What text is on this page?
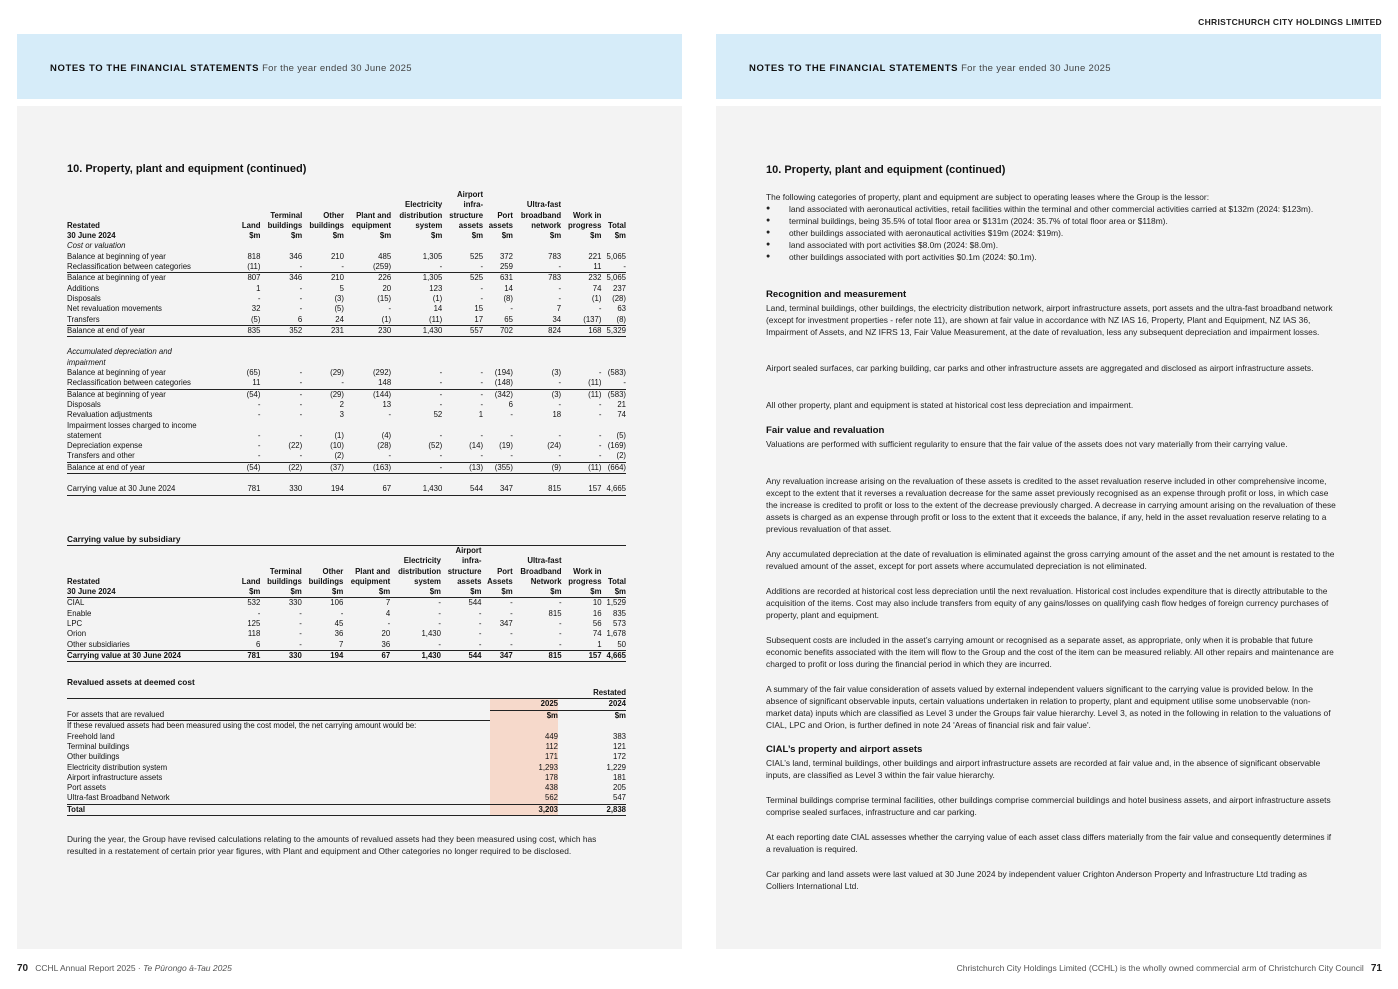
CHRISTCHURCH CITY HOLDINGS LIMITED
NOTES TO THE FINANCIAL STATEMENTS For the year ended 30 June 2025	NOTES TO THE FINANCIAL STATEMENTS For the year ended 30 June 2025
10. Property, plant and equipment (continued)
						Airport				
					Electricity	infra-		Ultra-fast		
		Terminal	Other	Plant and	distribution	structure	Port	broadband	Work in	
Restated	Land	buildings	buildings	equipment	system	assets	assets	network	progress	Total
30 June 2024	$m	$m	$m	$m	$m	$m	$m	$m	$m	$m
Cost or valuation										
Balance at beginning of year	818	346	210	485	1,305	525	372	783	221	5,065
Reclassification between categories	(11)	-	-	(259)	-	-	259	-	11	-
Balance at beginning of year	807	346	210	226	1,305	525	631	783	232	5,065
Additions	1	-	5	20	123	-	14	-	74	237
Disposals	-	-	(3)	(15)	(1)	-	(8)	-	(1)	(28)
Net revaluation movements	32	-	(5)	-	14	15	-	7	-	63
Transfers	(5)	6	24	(1)	(11)	17	65	34	(137)	(8)
Balance at end of year	835	352	231	230	1,430	557	702	824	168	5,329

Accumulated depreciation and										
impairment										
Balance at beginning of year	(65)	-	(29)	(292)	-	-	(194)	(3)	-	(583)
Reclassification between categories	11	-	-	148	-	-	(148)	-	(11)	-
Balance at beginning of year	(54)	-	(29)	(144)	-	-	(342)	(3)	(11)	(583)
Disposals	-	-	2	13	-	-	6	-	-	21
Revaluation adjustments	-	-	3	-	52	1	-	18	-	74
Impairment losses charged to income										
statement	-	-	(1)	(4)	-	-	-	-	-	(5)
Depreciation expense	-	(22)	(10)	(28)	(52)	(14)	(19)	(24)	-	(169)
Transfers and other	-	-	(2)	-	-	-	-	-	-	(2)
Balance at end of year	(54)	(22)	(37)	(163)	-	(13)	(355)	(9)	(11)	(664)

Carrying value at 30 June 2024	781	330	194	67	1,430	544	347	815	157	4,665
Carrying value by subsidiary
						Airport				
					Electricity	infra-		Ultra-fast		
		Terminal	Other	Plant and	distribution	structure	Port	Broadband	Work in	
Restated	Land	buildings	buildings	equipment	system	assets	Assets	Network	progress	Total
30 June 2024	$m	$m	$m	$m	$m	$m	$m	$m	$m	$m
CIAL	532	330	106	7	-	544	-	-	10	1,529
Enable	-	-	-	4	-	-	-	815	16	835
LPC	125	-	45	-	-	-	347	-	56	573
Orion	118	-	36	20	1,430	-	-	-	74	1,678
Other subsidiaries	6	-	7	36	-	-	-	-	1	50
Carrying value at 30 June 2024	781	330	194	67	1,430	544	347	815	157	4,665
Revalued assets at deemed cost
		Restated
	2025	2024
For assets that are revalued	$m	$m
If these revalued assets had been measured using the cost model, the net carrying amount would be:		
Freehold land	449	383
Terminal buildings	112	121
Other buildings	171	172
Electricity distribution system	1,293	1,229
Airport infrastructure assets	178	181
Port assets	438	205
Ultra-fast Broadband Network	562	547
Total	3,203	2,838
During the year, the Group have revised calculations relating to the amounts of revalued assets had they been measured using cost, which has resulted in a restatement of certain prior year figures, with Plant and equipment and Other categories no longer required to be disclosed.
10. Property, plant and equipment (continued)
The following categories of property, plant and equipment are subject to operating leases where the Group is the lessor:
● land associated with aeronautical activities, retail facilities within the terminal and other commercial activities carried at $132m (2024: $123m).
● terminal buildings, being 35.5% of total floor area or $131m (2024: 35.7% of total floor area or $118m).
● other buildings associated with aeronautical activities $19m (2024: $19m).
● land associated with port activities $8.0m (2024: $8.0m).
● other buildings associated with port activities $0.1m (2024: $0.1m).
Recognition and measurement
Land, terminal buildings, other buildings, the electricity distribution network, airport infrastructure assets, port assets and the ultra-fast broadband network (except for investment properties - refer note 11), are shown at fair value in accordance with NZ IAS 16, Property, Plant and Equipment, NZ IAS 36, Impairment of Assets, and NZ IFRS 13, Fair Value Measurement, at the date of revaluation, less any subsequent depreciation and impairment losses.
Airport sealed surfaces, car parking building, car parks and other infrastructure assets are aggregated and disclosed as airport infrastructure assets.
All other property, plant and equipment is stated at historical cost less depreciation and impairment.
Fair value and revaluation
Valuations are performed with sufficient regularity to ensure that the fair value of the assets does not vary materially from their carrying value.
Any revaluation increase arising on the revaluation of these assets is credited to the asset revaluation reserve included in other comprehensive income, except to the extent that it reverses a revaluation decrease for the same asset previously recognised as an expense through profit or loss, in which case the increase is credited to profit or loss to the extent of the decrease previously charged. A decrease in carrying amount arising on the revaluation of these assets is charged as an expense through profit or loss to the extent that it exceeds the balance, if any, held in the asset revaluation reserve relating to a previous revaluation of that asset.
Any accumulated depreciation at the date of revaluation is eliminated against the gross carrying amount of the asset and the net amount is restated to the revalued amount of the asset, except for port assets where accumulated depreciation is not eliminated.
Additions are recorded at historical cost less depreciation until the next revaluation. Historical cost includes expenditure that is directly attributable to the acquisition of the items. Cost may also include transfers from equity of any gains/losses on qualifying cash flow hedges of foreign currency purchases of property, plant and equipment.
Subsequent costs are included in the asset’s carrying amount or recognised as a separate asset, as appropriate, only when it is probable that future economic benefits associated with the item will flow to the Group and the cost of the item can be measured reliably. All other repairs and maintenance are charged to profit or loss during the financial period in which they are incurred.
A summary of the fair value consideration of assets valued by external independent valuers significant to the carrying value is provided below. In the absence of significant observable inputs, certain valuations undertaken in relation to property, plant and equipment utilise some unobservable (non-market data) inputs which are classified as Level 3 under the Groups fair value hierarchy. Level 3, as noted in the following in relation to the valuations of CIAL, LPC and Orion, is further defined in note 24 'Areas of financial risk and fair value'.
CIAL’s property and airport assets
CIAL’s land, terminal buildings, other buildings and airport infrastructure assets are recorded at fair value and, in the absence of significant observable inputs, are classified as Level 3 within the fair value hierarchy.
Terminal buildings comprise terminal facilities, other buildings comprise commercial buildings and hotel business assets, and airport infrastructure assets comprise sealed surfaces, infrastructure and car parking.
At each reporting date CIAL assesses whether the carrying value of each asset class differs materially from the fair value and consequently determines if a revaluation is required.
Car parking and land assets were last valued at 30 June 2024 by independent valuer Crighton Anderson Property and Infrastructure Ltd trading as Colliers International Ltd.
70 CCHL Annual Report 2025 · Te Pūrongo ā-Tau 2025	Christchurch City Holdings Limited (CCHL) is the wholly owned commercial arm of Christchurch City Council 71
